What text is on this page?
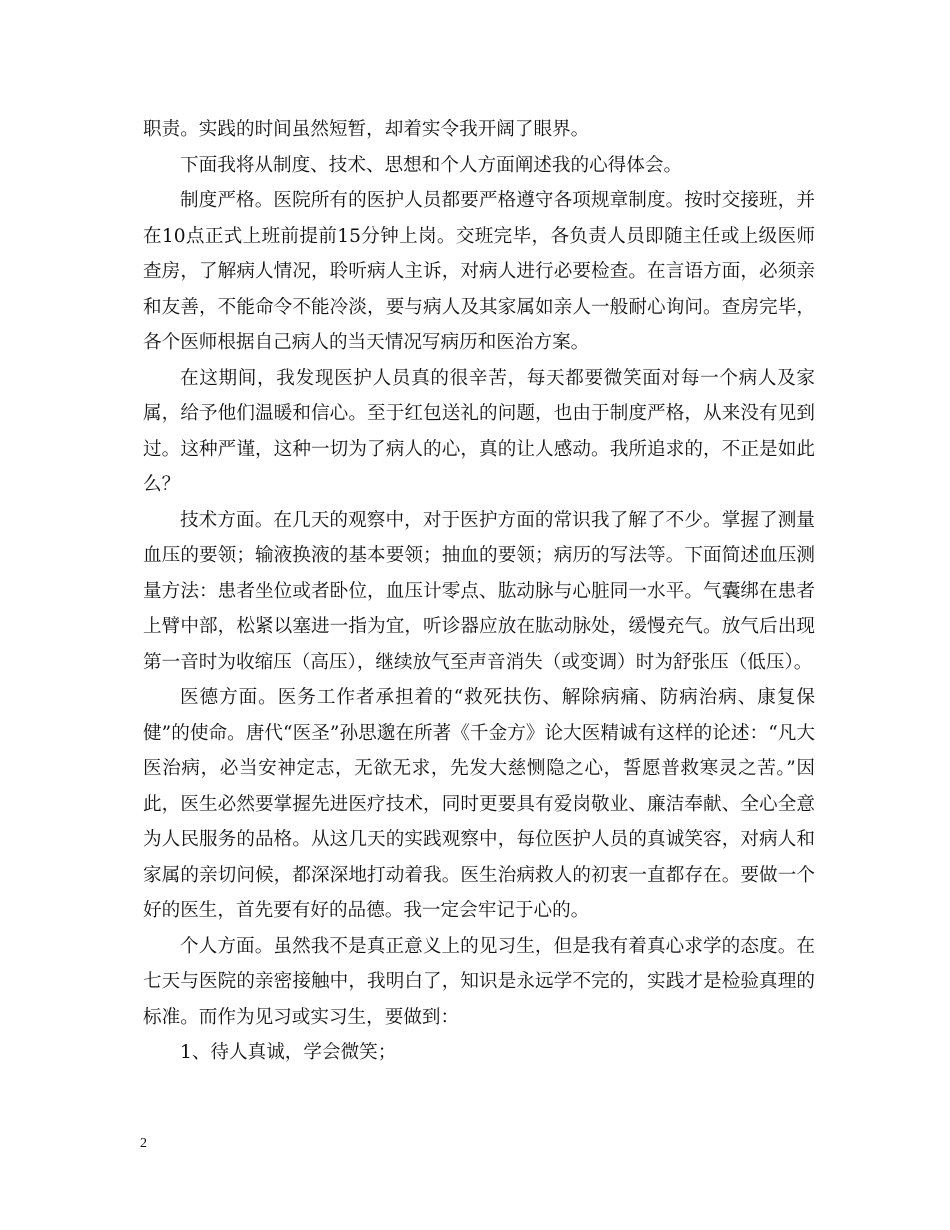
职责。实践的时间虽然短暂，却着实令我开阔了眼界。

下面我将从制度、技术、思想和个人方面阐述我的心得体会。

制度严格。医院所有的医护人员都要严格遵守各项规章制度。按时交接班，并在10点正式上班前提前15分钟上岗。交班完毕，各负责人员即随主任或上级医师查房，了解病人情况，聆听病人主诉，对病人进行必要检查。在言语方面，必须亲和友善，不能命令不能冷淡，要与病人及其家属如亲人一般耐心询问。查房完毕，各个医师根据自己病人的当天情况写病历和医治方案。

在这期间，我发现医护人员真的很辛苦，每天都要微笑面对每一个病人及家属，给予他们温暖和信心。至于红包送礼的问题，也由于制度严格，从来没有见到过。这种严谨，这种一切为了病人的心，真的让人感动。我所追求的，不正是如此么？

技术方面。在几天的观察中，对于医护方面的常识我了解了不少。掌握了测量血压的要领；输液换液的基本要领；抽血的要领；病历的写法等。下面简述血压测量方法：患者坐位或者卧位，血压计零点、肱动脉与心脏同一水平。气囊绑在患者上臂中部，松紧以塞进一指为宜，听诊器应放在肱动脉处，缓慢充气。放气后出现第一音时为收缩压（高压），继续放气至声音消失（或变调）时为舒张压（低压）。

医德方面。医务工作者承担着的“救死扶伤、解除病痛、防病治病、康复保健”的使命。唐代“医圣”孙思邈在所著《千金方》论大医精诚有这样的论述：“凡大医治病，必当安神定志，无欲无求，先发大慈恻隐之心，誓愿普救寒灵之苦。”因此，医生必然要掌握先进医疗技术，同时更要具有爱岗敬业、廉洁奉献、全心全意为人民服务的品格。从这几天的实践观察中，每位医护人员的真诚笑容，对病人和家属的亲切问候，都深深地打动着我。医生治病救人的初衷一直都存在。要做一个好的医生，首先要有好的品德。我一定会牢记于心的。

个人方面。虽然我不是真正意义上的见习生，但是我有着真心求学的态度。在七天与医院的亲密接触中，我明白了，知识是永远学不完的，实践才是检验真理的标准。而作为见习或实习生，要做到：

1、待人真诚，学会微笑；

2
